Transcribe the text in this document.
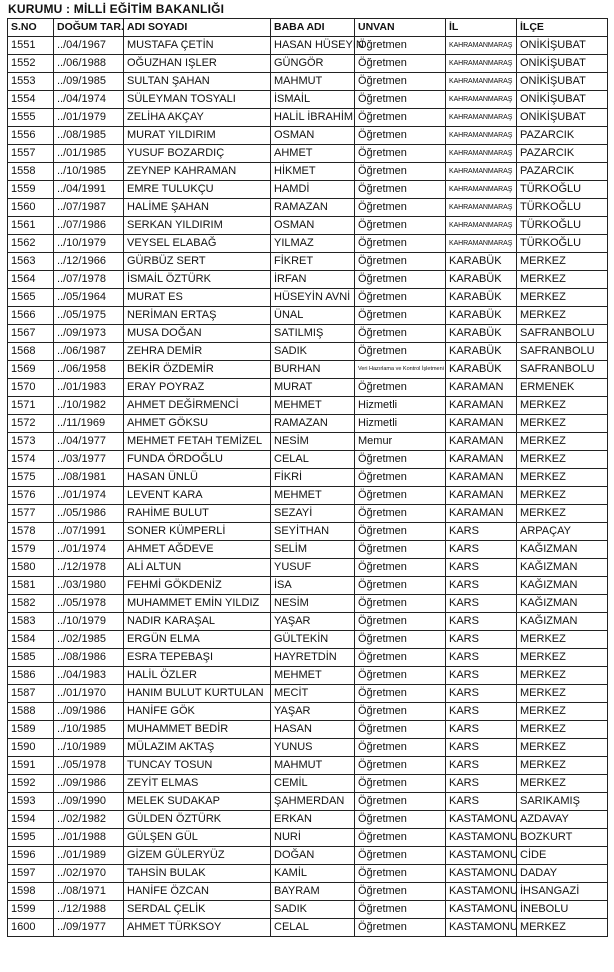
KURUMU : MİLLİ EĞİTİM BAKANLIĞI
S.NO	DOĞUM TAR.	ADI SOYADI	BABA ADI	UNVAN	İL	İLÇE
1551	../04/1967	MUSTAFA ÇETİN	HASAN HÜSEYİN	Öğretmen	KAHRAMANMARAŞ	ONİKİŞUBAT
1552	../06/1988	OĞUZHAN IŞLER	GÜNGÖR	Öğretmen	KAHRAMANMARAŞ	ONİKİŞUBAT
1553	../09/1985	SULTAN ŞAHAN	MAHMUT	Öğretmen	KAHRAMANMARAŞ	ONİKİŞUBAT
1554	../04/1974	SÜLEYMAN TOSYALI	İSMAİL	Öğretmen	KAHRAMANMARAŞ	ONİKİŞUBAT
1555	../01/1979	ZELİHA AKÇAY	HALİL İBRAHİM	Öğretmen	KAHRAMANMARAŞ	ONİKİŞUBAT
1556	../08/1985	MURAT YILDIRIM	OSMAN	Öğretmen	KAHRAMANMARAŞ	PAZARCIK
1557	../01/1985	YUSUF BOZARDIÇ	AHMET	Öğretmen	KAHRAMANMARAŞ	PAZARCIK
1558	../10/1985	ZEYNEP KAHRAMAN	HİKMET	Öğretmen	KAHRAMANMARAŞ	PAZARCIK
1559	../04/1991	EMRE TULUKÇU	HAMDİ	Öğretmen	KAHRAMANMARAŞ	TÜRKOĞLU
1560	../07/1987	HALİME ŞAHAN	RAMAZAN	Öğretmen	KAHRAMANMARAŞ	TÜRKOĞLU
1561	../07/1986	SERKAN YILDIRIM	OSMAN	Öğretmen	KAHRAMANMARAŞ	TÜRKOĞLU
1562	../10/1979	VEYSEL ELABAĞ	YILMAZ	Öğretmen	KAHRAMANMARAŞ	TÜRKOĞLU
1563	../12/1966	GÜRBÜZ SERT	FİKRET	Öğretmen	KARABÜK	MERKEZ
1564	../07/1978	İSMAİL ÖZTÜRK	İRFAN	Öğretmen	KARABÜK	MERKEZ
1565	../05/1964	MURAT ES	HÜSEYİN AVNİ	Öğretmen	KARABÜK	MERKEZ
1566	../05/1975	NERİMAN ERTAŞ	ÜNAL	Öğretmen	KARABÜK	MERKEZ
1567	../09/1973	MUSA DOĞAN	SATILMIŞ	Öğretmen	KARABÜK	SAFRANBOLU
1568	../06/1987	ZEHRA DEMİR	SADIK	Öğretmen	KARABÜK	SAFRANBOLU
1569	../06/1958	BEKİR ÖZDEMİR	BURHAN	Veri Hazırlama ve Kontrol İşletmeni	KARABÜK	SAFRANBOLU
1570	../01/1983	ERAY POYRAZ	MURAT	Öğretmen	KARAMAN	ERMENEK
1571	../10/1982	AHMET DEĞİRMENCİ	MEHMET	Hizmetli	KARAMAN	MERKEZ
1572	../11/1969	AHMET GÖKSU	RAMAZAN	Hizmetli	KARAMAN	MERKEZ
1573	../04/1977	MEHMET FETAH TEMİZEL	NESİM	Memur	KARAMAN	MERKEZ
1574	../03/1977	FUNDA ÖRDOĞLU	CELAL	Öğretmen	KARAMAN	MERKEZ
1575	../08/1981	HASAN ÜNLÜ	FİKRİ	Öğretmen	KARAMAN	MERKEZ
1576	../01/1974	LEVENT KARA	MEHMET	Öğretmen	KARAMAN	MERKEZ
1577	../05/1986	RAHİME BULUT	SEZAYİ	Öğretmen	KARAMAN	MERKEZ
1578	../07/1991	SONER KÜMPERLİ	SEYİTHAN	Öğretmen	KARS	ARPAÇAY
1579	../01/1974	AHMET AĞDEVE	SELİM	Öğretmen	KARS	KAĞIZMAN
1580	../12/1978	ALİ ALTUN	YUSUF	Öğretmen	KARS	KAĞIZMAN
1581	../03/1980	FEHMİ GÖKDENİZ	İSA	Öğretmen	KARS	KAĞIZMAN
1582	../05/1978	MUHAMMET EMİN YILDIZ	NESİM	Öğretmen	KARS	KAĞIZMAN
1583	../10/1979	NADIR KARAŞAL	YAŞAR	Öğretmen	KARS	KAĞIZMAN
1584	../02/1985	ERGÜN ELMA	GÜLTEKİN	Öğretmen	KARS	MERKEZ
1585	../08/1986	ESRA TEPEBAŞI	HAYRETDİN	Öğretmen	KARS	MERKEZ
1586	../04/1983	HALİL ÖZLER	MEHMET	Öğretmen	KARS	MERKEZ
1587	../01/1970	HANIM BULUT KURTULAN	MECİT	Öğretmen	KARS	MERKEZ
1588	../09/1986	HANİFE GÖK	YAŞAR	Öğretmen	KARS	MERKEZ
1589	../10/1985	MUHAMMET BEDİR	HASAN	Öğretmen	KARS	MERKEZ
1590	../10/1989	MÜLAZIM AKTAŞ	YUNUS	Öğretmen	KARS	MERKEZ
1591	../05/1978	TUNCAY TOSUN	MAHMUT	Öğretmen	KARS	MERKEZ
1592	../09/1986	ZEYİT ELMAS	CEMİL	Öğretmen	KARS	MERKEZ
1593	../09/1990	MELEK SUDAKAP	ŞAHMERDAN	Öğretmen	KARS	SARIKAMIŞ
1594	../02/1982	GÜLDEN ÖZTÜRK	ERKAN	Öğretmen	KASTAMONU	AZDAVAY
1595	../01/1988	GÜLŞEN GÜL	NURİ	Öğretmen	KASTAMONU	BOZKURT
1596	../01/1989	GİZEM GÜLERYÜZ	DOĞAN	Öğretmen	KASTAMONU	CİDE
1597	../02/1970	TAHSİN BULAK	KAMİL	Öğretmen	KASTAMONU	DADAY
1598	../08/1971	HANİFE ÖZCAN	BAYRAM	Öğretmen	KASTAMONU	İHSANGAZİ
1599	../12/1988	SERDAL ÇELİK	SADIK	Öğretmen	KASTAMONU	İNEBOLU
1600	../09/1977	AHMET TÜRKSOY	CELAL	Öğretmen	KASTAMONU	MERKEZ
